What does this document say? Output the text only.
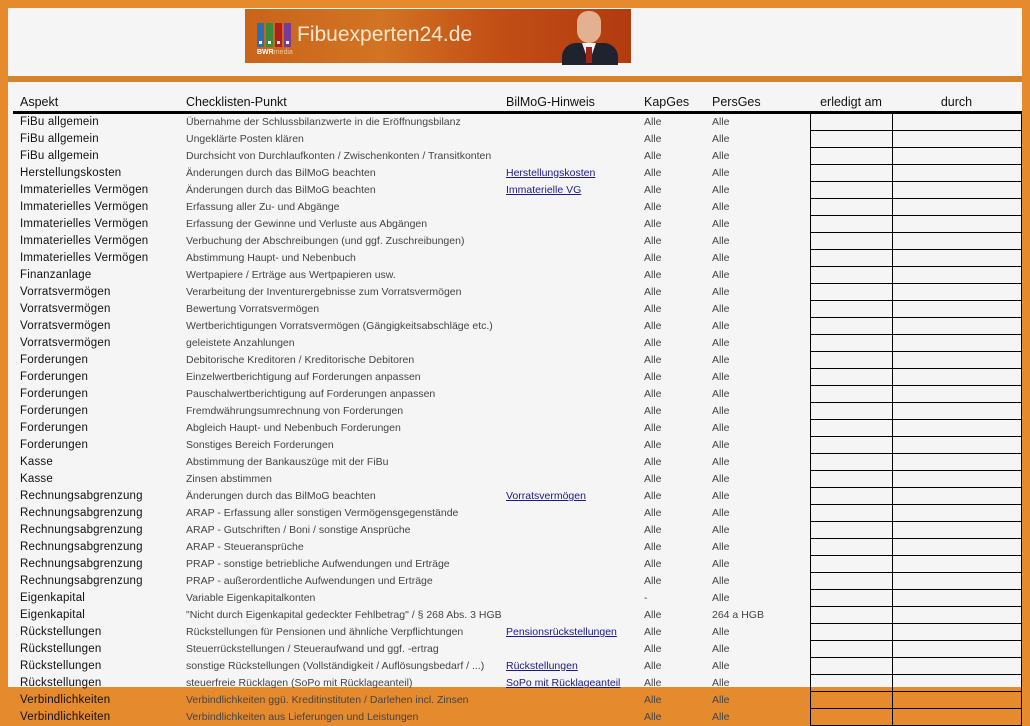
BWRmedia
Fibuexperten24.de
Aspekt	Checklisten-Punkt	BilMoG-Hinweis	KapGes	PersGes	erledigt am	durch
FiBu allgemein	Übernahme der Schlussbilanzwerte in die Eröffnungsbilanz		Alle	Alle		
FiBu allgemein	Ungeklärte Posten klären		Alle	Alle		
FiBu allgemein	Durchsicht von Durchlaufkonten / Zwischenkonten / Transitkonten		Alle	Alle		
Herstellungskosten	Änderungen durch das BilMoG beachten	Herstellungskosten	Alle	Alle		
Immaterielles Vermögen	Änderungen durch das BilMoG beachten	Immaterielle VG	Alle	Alle		
Immaterielles Vermögen	Erfassung aller Zu- und Abgänge		Alle	Alle		
Immaterielles Vermögen	Erfassung der Gewinne und Verluste aus Abgängen		Alle	Alle		
Immaterielles Vermögen	Verbuchung der Abschreibungen (und ggf. Zuschreibungen)		Alle	Alle		
Immaterielles Vermögen	Abstimmung Haupt- und Nebenbuch		Alle	Alle		
Finanzanlage	Wertpapiere / Erträge aus Wertpapieren usw.		Alle	Alle		
Vorratsvermögen	Verarbeitung der Inventurergebnisse zum Vorratsvermögen		Alle	Alle		
Vorratsvermögen	Bewertung Vorratsvermögen		Alle	Alle		
Vorratsvermögen	Wertberichtigungen Vorratsvermögen (Gängigkeitsabschläge etc.)		Alle	Alle		
Vorratsvermögen	geleistete Anzahlungen		Alle	Alle		
Forderungen	Debitorische Kreditoren / Kreditorische Debitoren		Alle	Alle		
Forderungen	Einzelwertberichtigung auf Forderungen anpassen		Alle	Alle		
Forderungen	Pauschalwertberichtigung auf Forderungen anpassen		Alle	Alle		
Forderungen	Fremdwährungsumrechnung von Forderungen		Alle	Alle		
Forderungen	Abgleich Haupt- und Nebenbuch Forderungen		Alle	Alle		
Forderungen	Sonstiges Bereich Forderungen		Alle	Alle		
Kasse	Abstimmung der Bankauszüge mit der FiBu		Alle	Alle		
Kasse	Zinsen abstimmen		Alle	Alle		
Rechnungsabgrenzung	Änderungen durch das BilMoG beachten	Vorratsvermögen	Alle	Alle		
Rechnungsabgrenzung	ARAP - Erfassung aller sonstigen Vermögensgegenstände		Alle	Alle		
Rechnungsabgrenzung	ARAP - Gutschriften / Boni / sonstige Ansprüche		Alle	Alle		
Rechnungsabgrenzung	ARAP - Steueransprüche		Alle	Alle		
Rechnungsabgrenzung	PRAP - sonstige betriebliche Aufwendungen und Erträge		Alle	Alle		
Rechnungsabgrenzung	PRAP - außerordentliche Aufwendungen und Erträge		Alle	Alle		
Eigenkapital	Variable Eigenkapitalkonten		-	Alle		
Eigenkapital	"Nicht durch Eigenkapital gedeckter Fehlbetrag" / § 268 Abs. 3 HGB		Alle	264 a HGB		
Rückstellungen	Rückstellungen für Pensionen und ähnliche Verpflichtungen	Pensionsrückstellungen	Alle	Alle		
Rückstellungen	Steuerrückstellungen / Steueraufwand und ggf. -ertrag		Alle	Alle		
Rückstellungen	sonstige Rückstellungen (Vollständigkeit / Auflösungsbedarf / ...)	Rückstellungen	Alle	Alle		
Rückstellungen	steuerfreie Rücklagen (SoPo mit Rücklageanteil)	SoPo mit Rücklageanteil	Alle	Alle		
Verbindlichkeiten	Verbindlichkeiten ggü. Kreditinstituten / Darlehen incl. Zinsen		Alle	Alle		
Verbindlichkeiten	Verbindlichkeiten aus Lieferungen und Leistungen		Alle	Alle		
